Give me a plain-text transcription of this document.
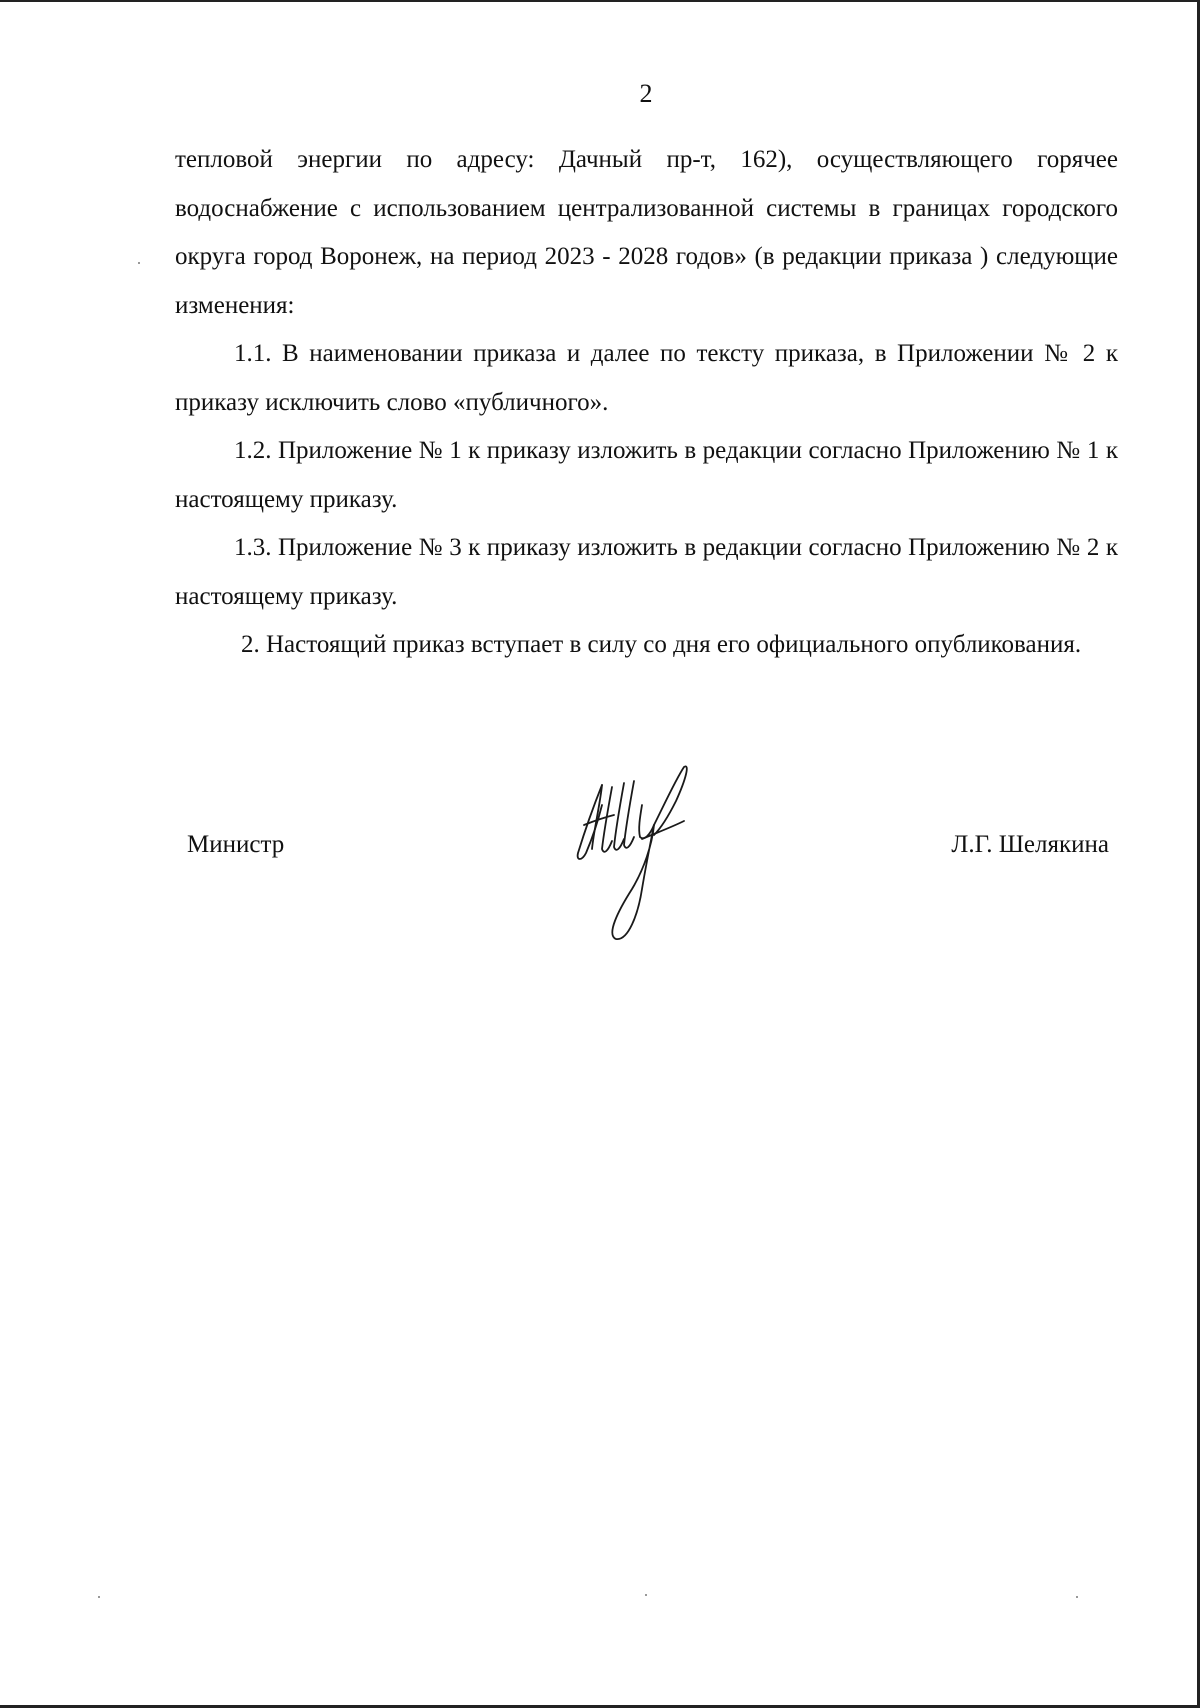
2

тепловой энергии по адресу: Дачный пр-т, 162), осуществляющего горячее водоснабжение с использованием централизованной системы в границах городского округа город Воронеж, на период 2023 - 2028 годов» (в редакции приказа ) следующие изменения:

1.1. В наименовании приказа и далее по тексту приказа, в Приложении № 2 к приказу исключить слово «публичного».

1.2. Приложение № 1 к приказу изложить в редакции согласно Приложению № 1 к настоящему приказу.

1.3. Приложение № 3 к приказу изложить в редакции согласно Приложению № 2 к настоящему приказу.

2. Настоящий приказ вступает в силу со дня его официального опубликования.

Министр	Л.Г. Шелякина
